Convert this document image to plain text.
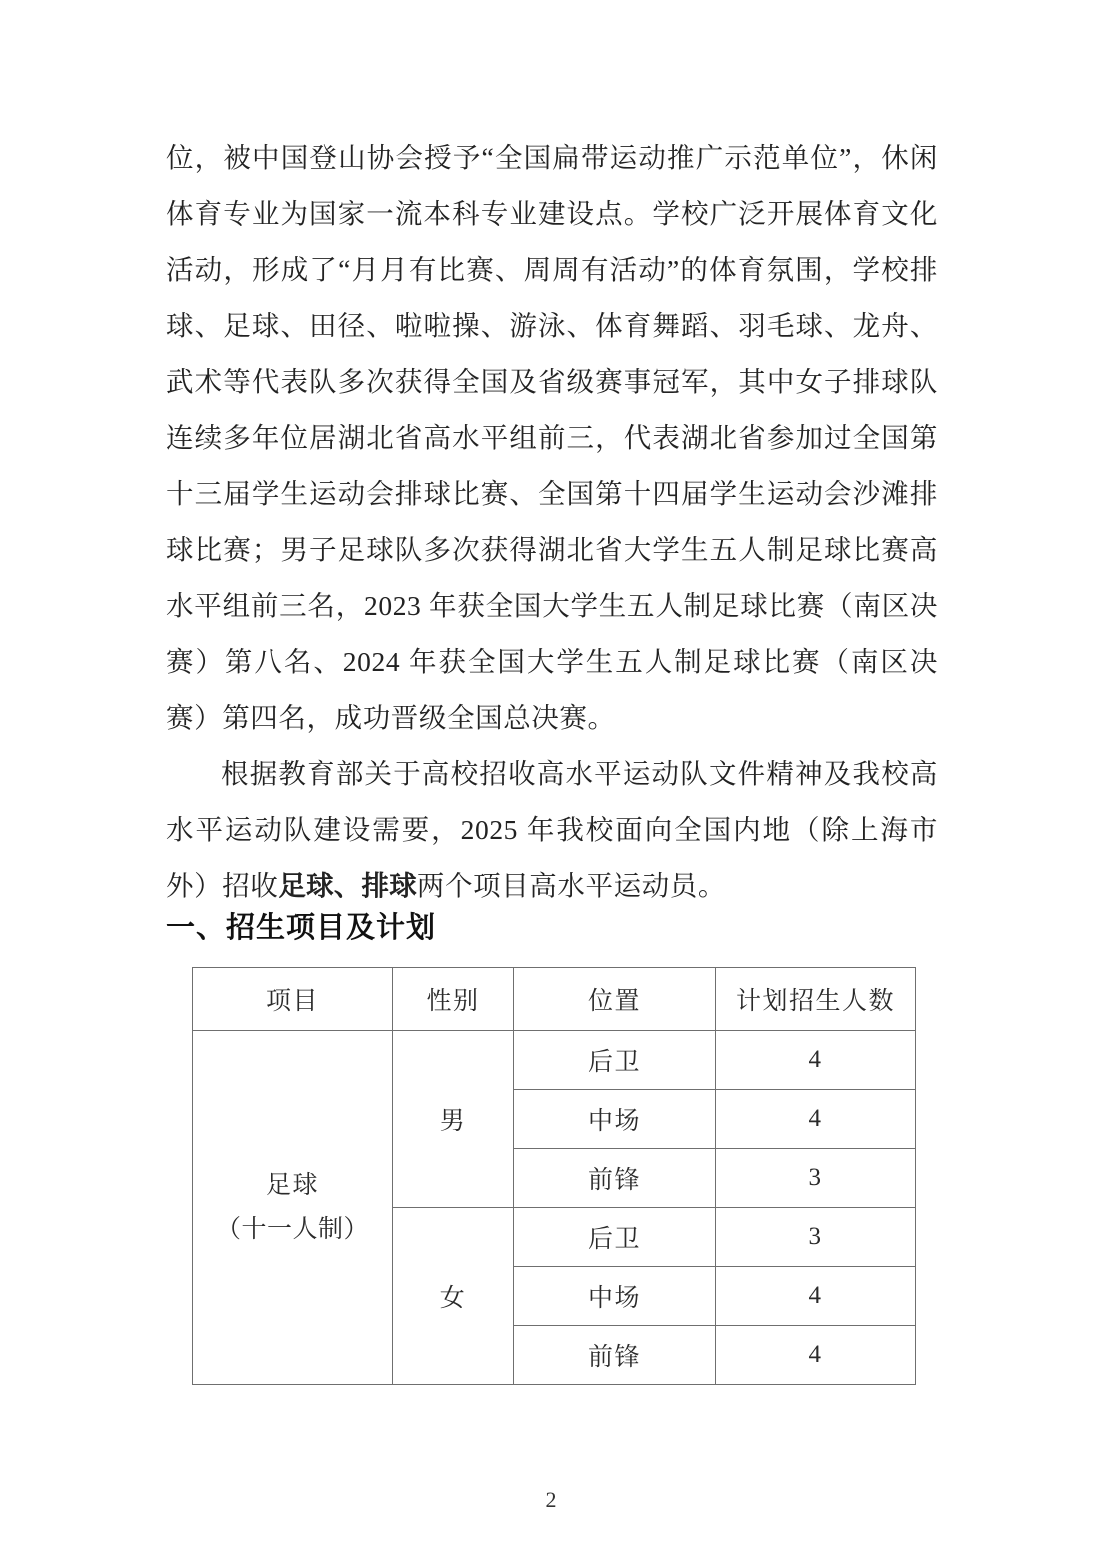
位，被中国登山协会授予“全国扁带运动推广示范单位”，休闲体育专业为国家一流本科专业建设点。学校广泛开展体育文化活动，形成了“月月有比赛、周周有活动”的体育氛围，学校排球、足球、田径、啦啦操、游泳、体育舞蹈、羽毛球、龙舟、武术等代表队多次获得全国及省级赛事冠军，其中女子排球队连续多年位居湖北省高水平组前三，代表湖北省参加过全国第十三届学生运动会排球比赛、全国第十四届学生运动会沙滩排球比赛；男子足球队多次获得湖北省大学生五人制足球比赛高水平组前三名，2023 年获全国大学生五人制足球比赛（南区决赛）第八名、2024 年获全国大学生五人制足球比赛（南区决赛）第四名，成功晋级全国总决赛。

根据教育部关于高校招收高水平运动队文件精神及我校高水平运动队建设需要，2025 年我校面向全国内地（除上海市外）招收足球、排球两个项目高水平运动员。

一、招生项目及计划
项目	性别	位置	计划招生人数

足球
（十一人制）	男	后卫	4
		中场	4
		前锋	3
	女	后卫	3
		中场	4
		前锋	4
2
